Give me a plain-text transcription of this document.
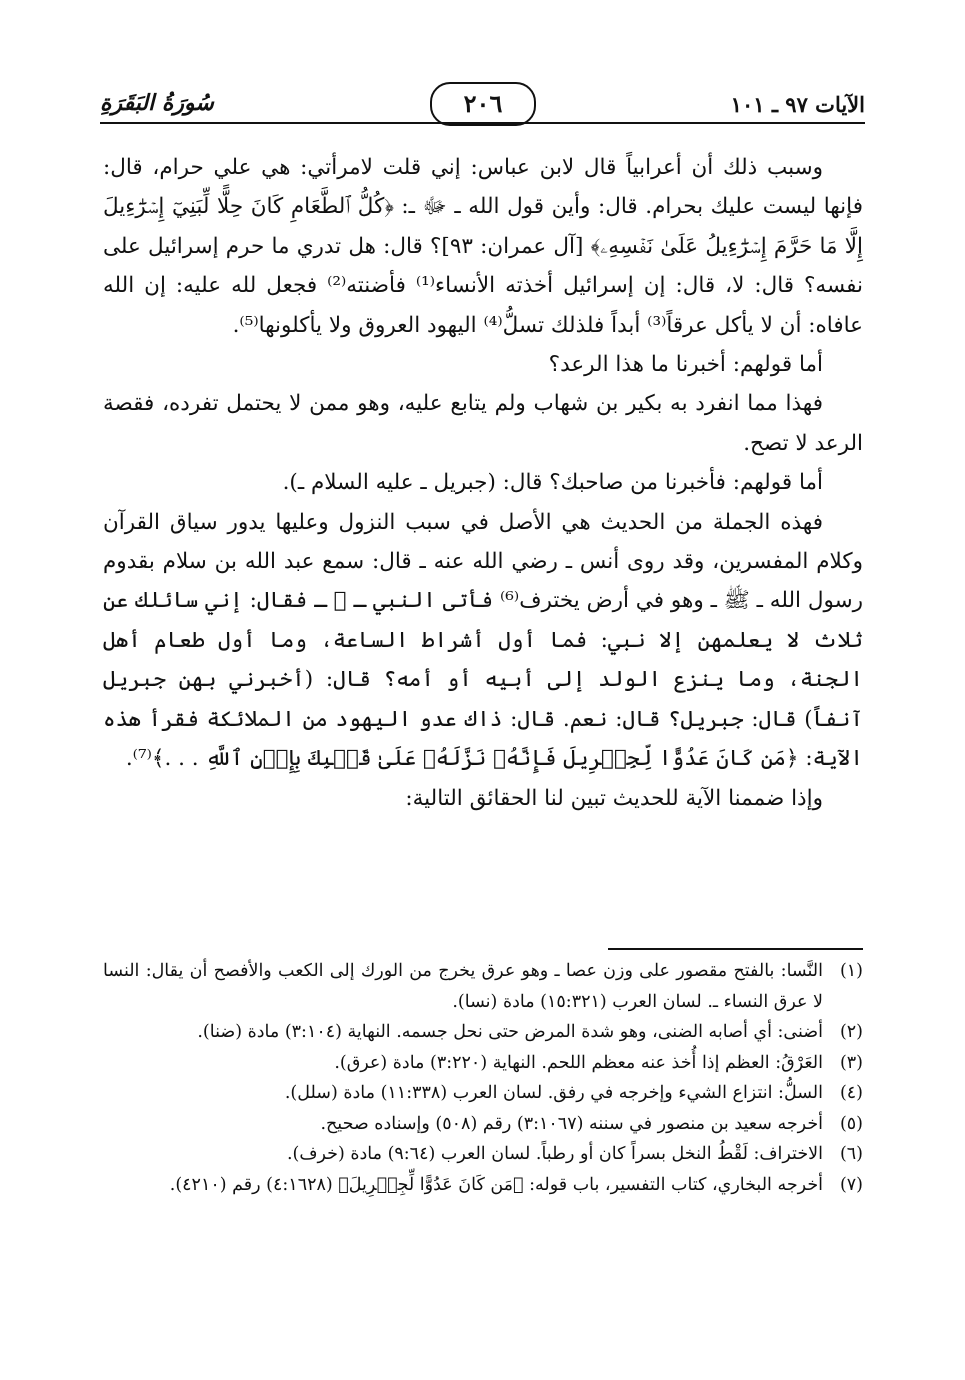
الآيات ٩٧ ـ ١٠١
٢٠٦
سُورَةُ البَقَرَةِ

وسبب ذلك أن أعرابياً قال لابن عباس: إني قلت لامرأتي: هي علي حرام، قال: فإنها ليست عليك بحرام. قال: وأين قول الله ـ ﷻ ـ: ﴿كُلُّ ٱلطَّعَامِ كَانَ حِلًّا لِّبَنِيٓ إِسۡرَٰٓءِيلَ إِلَّا مَا حَرَّمَ إِسۡرَٰٓءِيلُ عَلَىٰ نَفۡسِهِۦ﴾ [آل عمران: ٩٣]؟ قال: هل تدري ما حرم إسرائيل على نفسه؟ قال: لا، قال: إن إسرائيل أخذته الأنساء⁽¹⁾ فأضنته⁽²⁾ فجعل لله عليه: إن الله عافاه: أن لا يأكل عرقاً⁽³⁾ أبداً فلذلك تسلُّ⁽⁴⁾ اليهود العروق ولا يأكلونها⁽⁵⁾.

أما قولهم: أخبرنا ما هذا الرعد؟

فهذا مما انفرد به بكير بن شهاب ولم يتابع عليه، وهو ممن لا يحتمل تفرده، فقصة الرعد لا تصح.

أما قولهم: فأخبرنا من صاحبك؟ قال: (جبريل ـ عليه السلام ـ).

فهذه الجملة من الحديث هي الأصل في سبب النزول وعليها يدور سياق القرآن وكلام المفسرين، وقد روى أنس ـ رضي الله عنه ـ قال: سمع عبد الله بن سلام بقدوم رسول الله ـ ﷺ ـ وهو في أرض يخترف⁽⁶⁾ فأتى النبي ـ ﷺ ـ فقال: إني سائلك عن ثلاث لا يعلمهن إلا نبي: فما أول أشراط الساعة، وما أول طعام أهل الجنة، وما ينزع الولد إلى أبيه أو أمه؟ قال: (أخبرني بهن جبريل آنفاً) قال: جبريل؟ قال: نعم. قال: ذاك عدو اليهود من الملائكة فقرأ هذه الآية: ﴿مَن كَانَ عَدُوًّا لِّجِبۡرِيلَ فَإِنَّهُۥ نَزَّلَهُۥ عَلَىٰ قَلۡبِكَ بِإِذۡنِ ٱللَّهِ . . .﴾⁽⁷⁾.

وإذا ضممنا الآية للحديث تبين لنا الحقائق التالية:

(١)
النَّسا: بالفتح مقصور على وزن عصا ـ وهو عرق يخرج من الورك إلى الكعب والأفصح أن يقال: النسا لا عرق النساء ـ. لسان العرب (١٥:٣٢١) مادة (نسا).
(٢)
أضنى: أي أصابه الضنى، وهو شدة المرض حتى نحل جسمه. النهاية (٣:١٠٤) مادة (ضنا).
(٣)
العَرْقُ: العظم إذا أُخذ عنه معظم اللحم. النهاية (٣:٢٢٠) مادة (عرق).
(٤)
السلُّ: انتزاع الشيء وإخرجه في رفق. لسان العرب (١١:٣٣٨) مادة (سلل).
(٥)
أخرجه سعيد بن منصور في سننه (٣:١٠٦٧) رقم (٥٠٨) وإسناده صحيح.
(٦)
الاختراف: لَقْطُ النخل بسراً كان أو رطباً. لسان العرب (٩:٦٤) مادة (خرف).
(٧)
أخرجه البخاري، كتاب التفسير، باب قوله: ﴿مَن كَانَ عَدُوًّا لِّجِبۡرِيلَ﴾ (٤:١٦٢٨) رقم (٤٢١٠).
